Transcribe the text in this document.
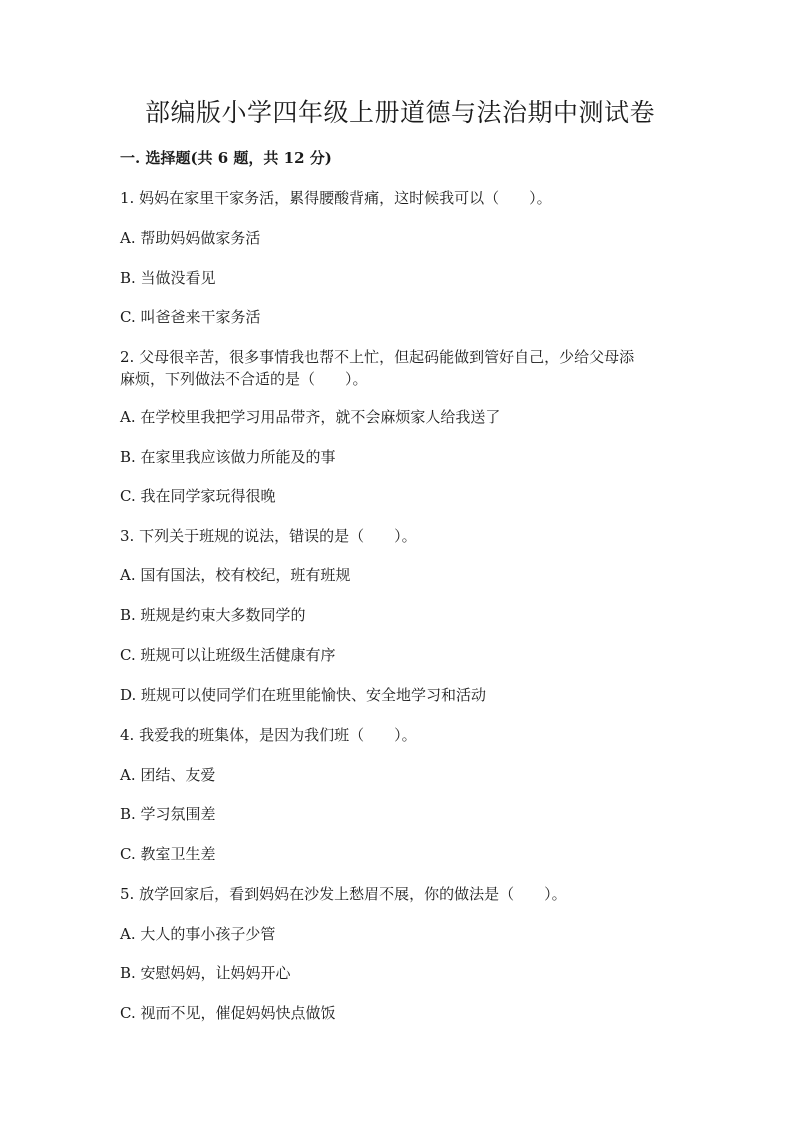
部编版小学四年级上册道德与法治期中测试卷
一. 选择题(共 6 题，共 12 分)
1. 妈妈在家里干家务活，累得腰酸背痛，这时候我可以（　　）。
A. 帮助妈妈做家务活
B. 当做没看见
C. 叫爸爸来干家务活
2. 父母很辛苦，很多事情我也帮不上忙，但起码能做到管好自己，少给父母添
麻烦，下列做法不合适的是（　　）。
A. 在学校里我把学习用品带齐，就不会麻烦家人给我送了
B. 在家里我应该做力所能及的事
C. 我在同学家玩得很晚
3. 下列关于班规的说法，错误的是（　　）。
A. 国有国法，校有校纪，班有班规
B. 班规是约束大多数同学的
C. 班规可以让班级生活健康有序
D. 班规可以使同学们在班里能愉快、安全地学习和活动
4. 我爱我的班集体，是因为我们班（　　）。
A. 团结、友爱
B. 学习氛围差
C. 教室卫生差
5. 放学回家后，看到妈妈在沙发上愁眉不展，你的做法是（　　）。
A. 大人的事小孩子少管
B. 安慰妈妈，让妈妈开心
C. 视而不见，催促妈妈快点做饭
